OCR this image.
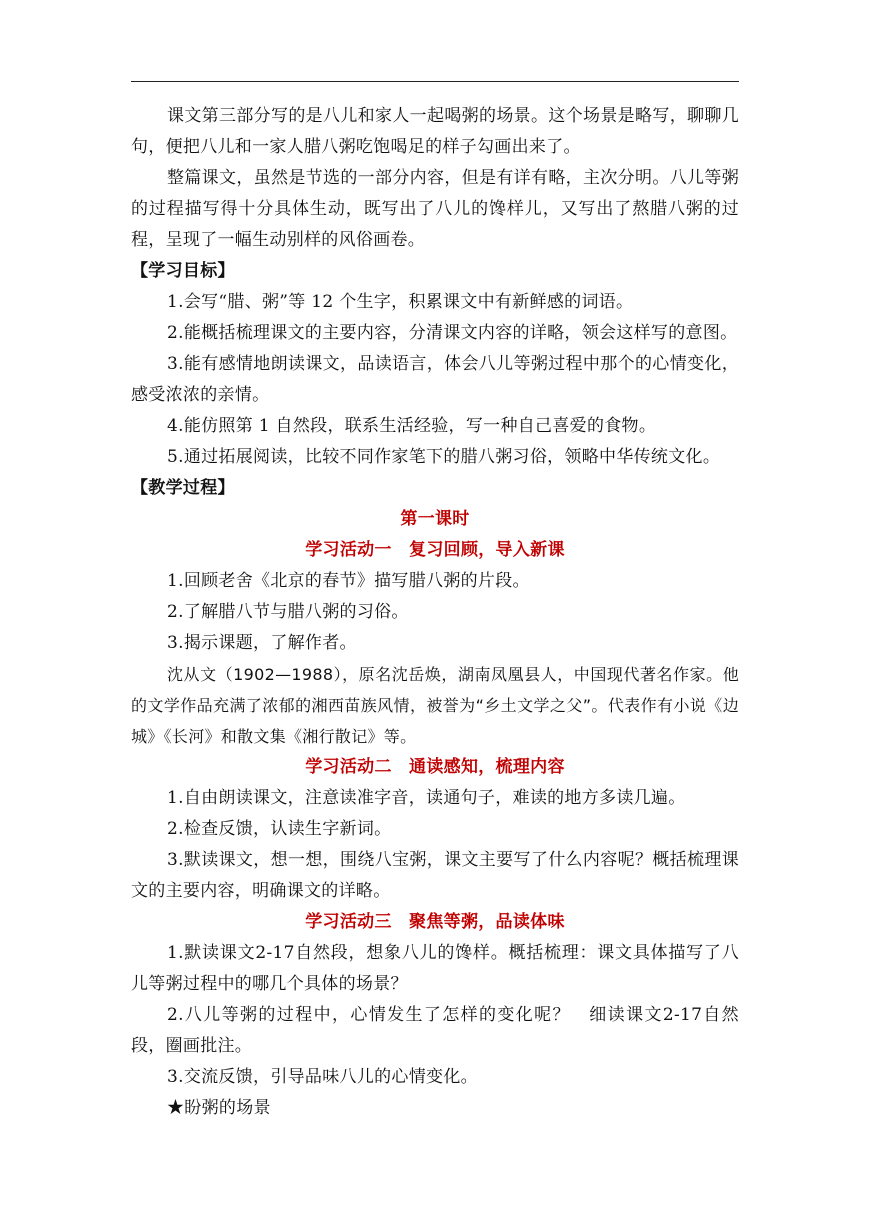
课文第三部分写的是八儿和家人一起喝粥的场景。这个场景是略写，聊聊几句，便把八儿和一家人腊八粥吃饱喝足的样子勾画出来了。

整篇课文，虽然是节选的一部分内容，但是有详有略，主次分明。八儿等粥的过程描写得十分具体生动，既写出了八儿的馋样儿，又写出了熬腊八粥的过程，呈现了一幅生动别样的风俗画卷。

【学习目标】

1.会写“腊、粥”等 12 个生字，积累课文中有新鲜感的词语。

2.能概括梳理课文的主要内容，分清课文内容的详略，领会这样写的意图。

3.能有感情地朗读课文，品读语言，体会八儿等粥过程中那个的心情变化，感受浓浓的亲情。

4.能仿照第 1 自然段，联系生活经验，写一种自己喜爱的食物。

5.通过拓展阅读，比较不同作家笔下的腊八粥习俗，领略中华传统文化。

【教学过程】

第一课时

学习活动一　复习回顾，导入新课

1.回顾老舍《北京的春节》描写腊八粥的片段。

2.了解腊八节与腊八粥的习俗。

3.揭示课题，了解作者。

沈从文（1902—1988），原名沈岳焕，湖南凤凰县人，中国现代著名作家。他的文学作品充满了浓郁的湘西苗族风情，被誉为“乡土文学之父”。代表作有小说《边城》《长河》和散文集《湘行散记》等。

学习活动二　通读感知，梳理内容

1.自由朗读课文，注意读准字音，读通句子，难读的地方多读几遍。

2.检查反馈，认读生字新词。

3.默读课文，想一想，围绕八宝粥，课文主要写了什么内容呢？概括梳理课文的主要内容，明确课文的详略。

学习活动三　聚焦等粥，品读体味

1.默读课文2-17自然段，想象八儿的馋样。概括梳理：课文具体描写了八儿等粥过程中的哪几个具体的场景？

2.八儿等粥的过程中，心情发生了怎样的变化呢？　细读课文2-17自然段，圈画批注。

3.交流反馈，引导品味八儿的心情变化。

★盼粥的场景
